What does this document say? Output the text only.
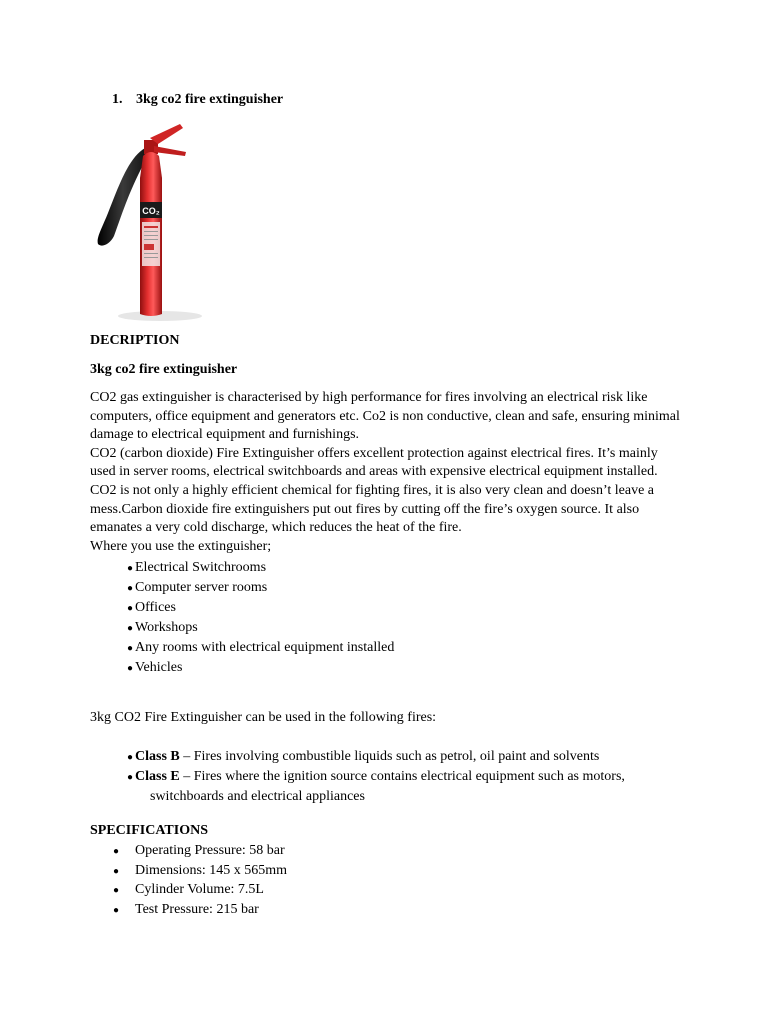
1. 3kg co2 fire extinguisher
CO₂
DECRIPTION
3kg co2 fire extinguisher
CO2 gas extinguisher is characterised by high performance for fires involving an electrical risk like
computers, office equipment and generators etc. Co2 is non conductive, clean and safe, ensuring minimal
damage to electrical equipment and furnishings.
CO2 (carbon dioxide) Fire Extinguisher offers excellent protection against electrical fires. It’s mainly
used in server rooms, electrical switchboards and areas with expensive electrical equipment installed.
CO2 is not only a highly efficient chemical for fighting fires, it is also very clean and doesn’t leave a
mess.Carbon dioxide fire extinguishers put out fires by cutting off the fire’s oxygen source. It also
emanates a very cold discharge, which reduces the heat of the fire.
Where you use the extinguisher;
● Electrical Switchrooms
● Computer server rooms
● Offices
● Workshops
● Any rooms with electrical equipment installed
● Vehicles
3kg CO2 Fire Extinguisher can be used in the following fires:
● Class B – Fires involving combustible liquids such as petrol, oil paint and solvents
● Class E – Fires where the ignition source contains electrical equipment such as motors,
switchboards and electrical appliances
SPECIFICATIONS
● Operating Pressure: 58 bar
● Dimensions: 145 x 565mm
● Cylinder Volume: 7.5L
● Test Pressure: 215 bar
